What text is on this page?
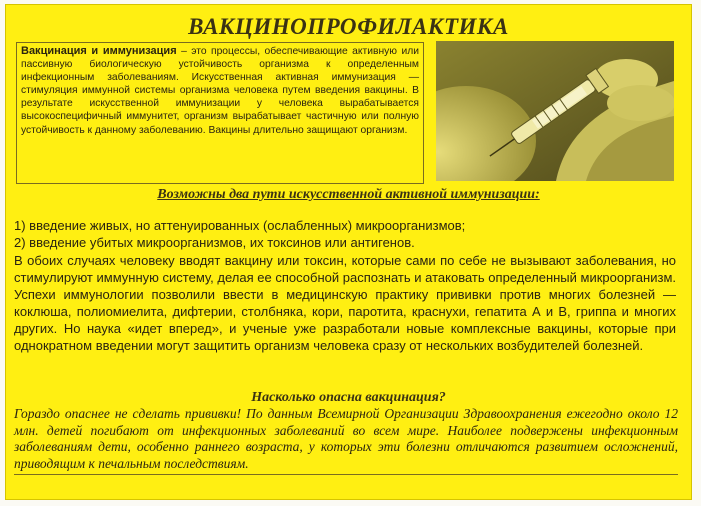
ВАКЦИНОПРОФИЛАКТИКА
Вакцинация и иммунизация – это процессы, обеспечивающие активную или пассивную биологическую устойчивость организма к определенным инфекционным заболеваниям. Искусственная активная иммунизация — стимуляция иммунной системы организма человека путем введения вакцины. В результате искусственной иммунизации у человека вырабатывается высокоспецифичный иммунитет, организм вырабатывает частичную или полную устойчивость к данному заболеванию. Вакцины длительно защищают организм.
Возможны два пути искусственной активной иммунизации:

1) введение живых, но аттенуированных (ослабленных) микроорганизмов;

2) введение убитых микроорганизмов, их токсинов или антигенов.

В обоих случаях человеку вводят вакцину или токсин, которые сами по себе не вызывают заболевания, но стимулируют иммунную систему, делая ее способной распознать и атаковать определенный микроорганизм. Успехи иммунологии позволили ввести в медицинскую практику прививки против многих болезней — коклюша, полиомиелита, дифтерии, столбняка, кори, паротита, краснухи, гепатита А и В, гриппа и многих других. Но наука «идет вперед», и ученые уже разработали новые комплексные вакцины, которые при однократном введении могут защитить организм человека сразу от нескольких возбудителей болезней.
Насколько опасна вакцинация?
Гораздо опаснее не сделать прививки! По данным Всемирной Организации Здравоохранения ежегодно около 12 млн. детей погибают от инфекционных заболеваний во всем мире. Наиболее подвержены инфекционным заболеваниям дети, особенно раннего возраста, у которых эти болезни отличаются развитием осложнений, приводящим к печальным последствиям.
